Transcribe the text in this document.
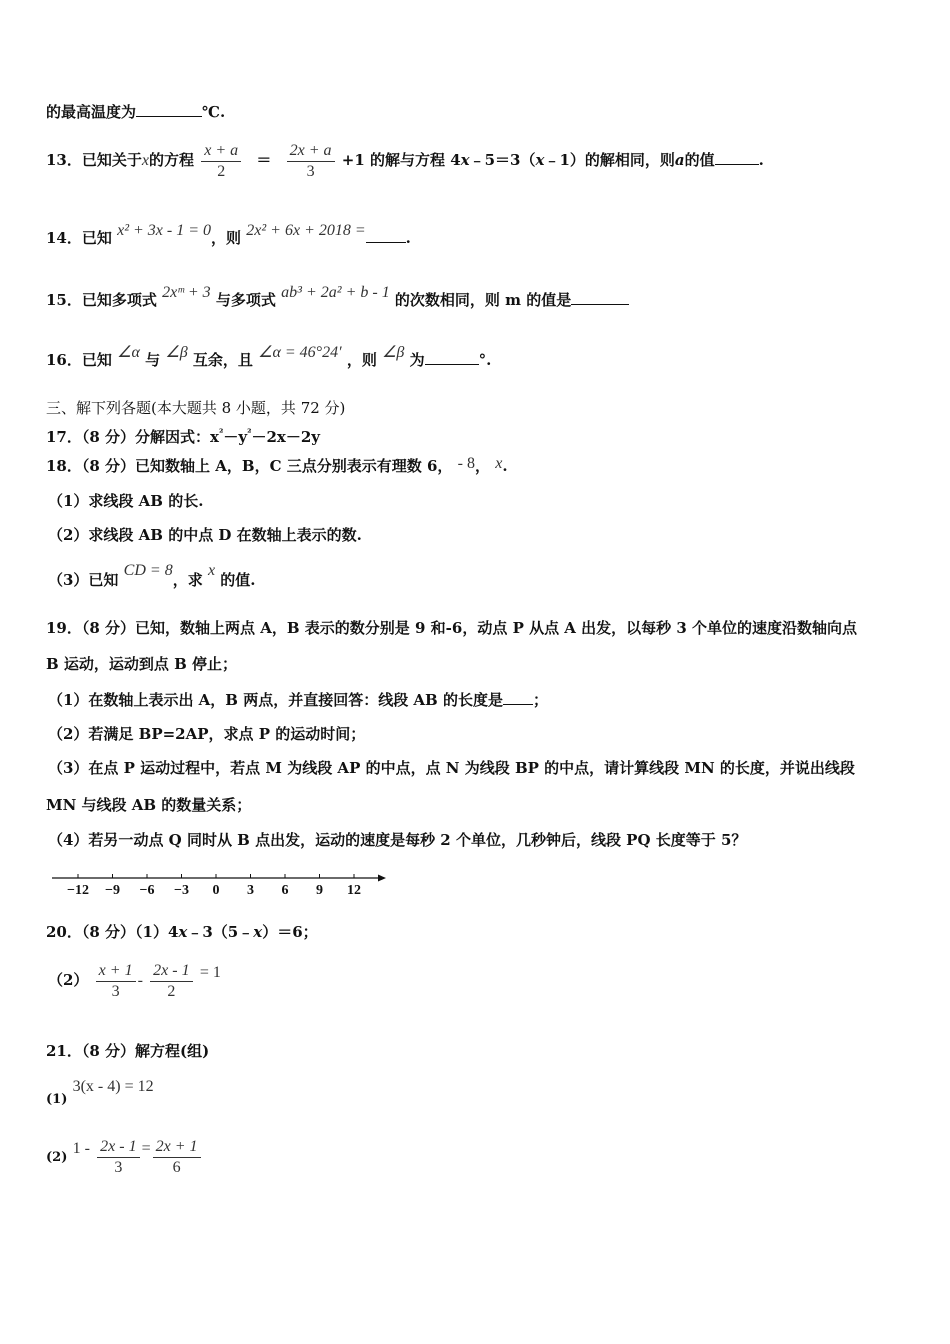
的最高温度为	℃.
13．已知关于x的方程 $\frac{x + a}{2} = \frac{2x + a}{3} +1$ 的解与方程 4x﹣5＝3（x﹣1）的解相同，则a的值	.
14．已知 x² + 3x - 1 = 0，则 2x² + 6x + 2018 =	.
15．已知多项式 2xᵐ + 3 与多项式 ab³ + 2a² + b - 1 的次数相同，则 m 的值是
16．已知 ∠α 与 ∠β 互余，且 ∠α = 46°24′ ，则 ∠β 为	°.
三、解下列各题(本大题共 8 小题，共 72 分)
17．（8 分）分解因式：$x^{^2}-y^{^2}-2x-2y$
18．（8 分）已知数轴上 A，B，C 三点分别表示有理数 6， - 8， x.
（1）求线段 AB 的长.
（2）求线段 AB 的中点 D 在数轴上表示的数.
（3）已知 CD = 8，求 x 的值.
19．（8 分）已知，数轴上两点 A，B 表示的数分别是 9 和-6，动点 P 从点 A 出发，以每秒 3 个单位的速度沿数轴向点
B 运动，运动到点 B 停止；
（1）在数轴上表示出 A，B 两点，并直接回答：线段 AB 的长度是 ；
（2）若满足 BP=2AP，求点 P 的运动时间；
（3）在点 P 运动过程中，若点 M 为线段 AP 的中点，点 N 为线段 BP 的中点，请计算线段 MN 的长度，并说出线段
MN 与线段 AB 的数量关系；
（4）若另一动点 Q 同时从 B 点出发，运动的速度是每秒 2 个单位，几秒钟后，线段 PQ 长度等于 5？
−12 −9 −6 −3 0 3 6 9 12
20．（8 分）（1）4x﹣3（5﹣x）＝6；
$(2) \frac{x + 1}{3} - \frac{2x - 1}{2} = 1$
21．（8 分）解方程(组)
(1) 3(x - 4) = 12
(2) $1 - \frac{2x - 1}{3} = \frac{2x + 1}{6}$
